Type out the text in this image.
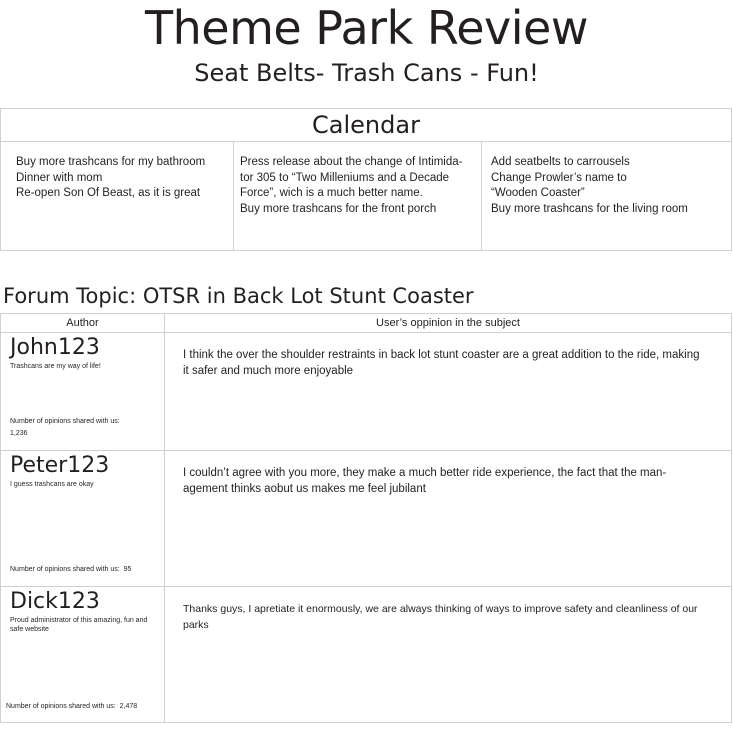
Theme Park Review
Seat Belts- Trash Cans - Fun!
Calendar
Buy more trashcans for my bathroom
Dinner with mom
Re-open Son Of Beast, as it is great
Press release about the change of Intimida-
tor 305 to “Two Milleniums and a Decade
Force”, wich is a much better name.
Buy more trashcans for the front porch
Add seatbelts to carrousels
Change Prowler’s name to
“Wooden Coaster”
Buy more trashcans for the living room
Forum Topic: OTSR in Back Lot Stunt Coaster
Author	User’s oppinion in the subject
John123
Trashcans are my way of life!
Number of opinions shared with us:
1,236
I think the over the shoulder restraints in back lot stunt coaster are a great addition to the ride, making it safer and much more enjoyable
Peter123
I guess trashcans are okay
Number of opinions shared with us: 95
I couldn’t agree with you more, they make a much better ride experience, the fact that the man-agement thinks aobut us makes me feel jubilant
Dick123
Proud administrator of this amazing, fun and safe website
Number of opinions shared with us: 2,478
Thanks guys, I apretiate it enormously, we are always thinking of ways to improve safety and cleanliness of our parks
